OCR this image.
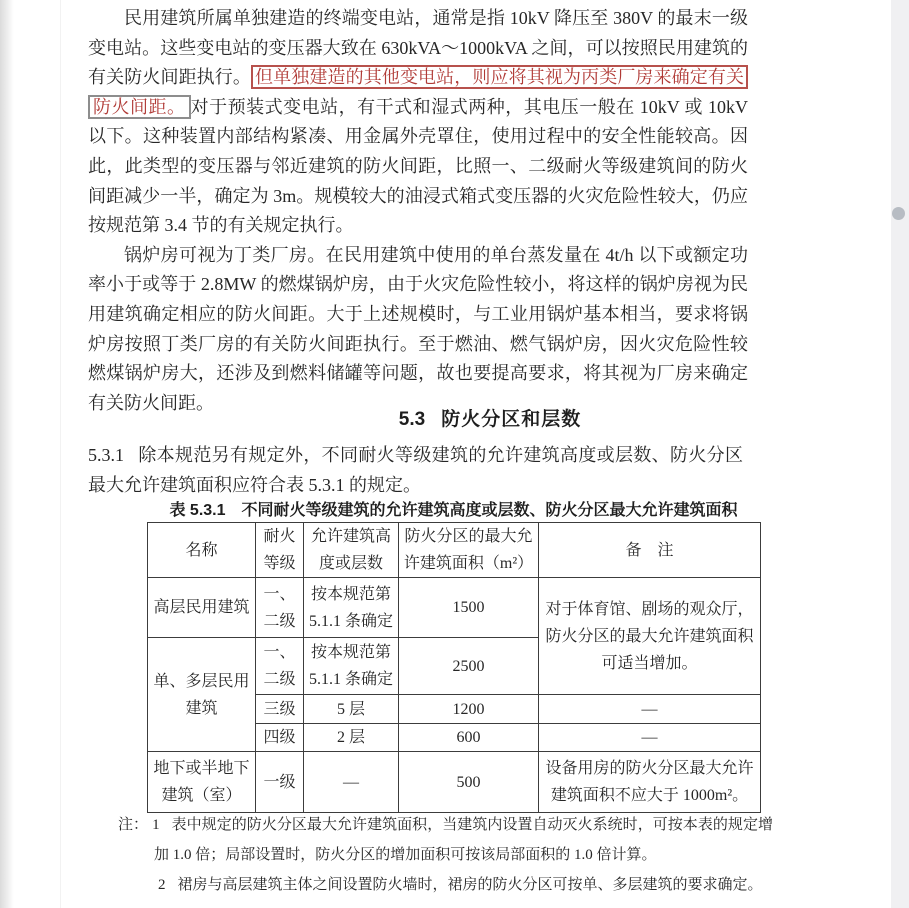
民用建筑所属单独建造的终端变电站，通常是指 10kV 降压至 380V 的最末一级变电站。这些变电站的变压器大致在 630kVA～1000kVA 之间，可以按照民用建筑的有关防火间距执行。 但单独建造的其他变电站，则应将其视为丙类厂房来确定有关防火间距。 对于预装式变电站，有干式和湿式两种，其电压一般在 10kV 或 10kV 以下。这种装置内部结构紧凑、用金属外壳罩住，使用过程中的安全性能较高。因此，此类型的变压器与邻近建筑的防火间距，比照一、二级耐火等级建筑间的防火间距减少一半，确定为 3m。规模较大的油浸式箱式变压器的火灾危险性较大，仍应按规范第 3.4 节的有关规定执行。

锅炉房可视为丁类厂房。在民用建筑中使用的单台蒸发量在 4t/h 以下或额定功率小于或等于 2.8MW 的燃煤锅炉房，由于火灾危险性较小，将这样的锅炉房视为民用建筑确定相应的防火间距。大于上述规模时，与工业用锅炉基本相当，要求将锅炉房按照丁类厂房的有关防火间距执行。至于燃油、燃气锅炉房，因火灾危险性较燃煤锅炉房大，还涉及到燃料储罐等问题，故也要提高要求，将其视为厂房来确定有关防火间距。

5.3 防火分区和层数
5.3.1 除本规范另有规定外，不同耐火等级建筑的允许建筑高度或层数、防火分区最大允许建筑面积应符合表 5.3.1 的规定。
表 5.3.1　不同耐火等级建筑的允许建筑高度或层数、防火分区最大允许建筑面积
名称	耐火等级	允许建筑高度或层数	防火分区的最大允许建筑面积（m²）	备　注
高层民用建筑	一、二级	按本规范第 5.1.1 条确定	1500	对于体育馆、剧场的观众厅，防火分区的最大允许建筑面积可适当增加。
单、多层民用建筑	一、二级	按本规范第 5.1.1 条确定	2500	
	三级	5 层	1200	—
	四级	2 层	600	—
地下或半地下建筑（室）	一级	—	500	设备用房的防火分区最大允许建筑面积不应大于 1000m²。

注： 1 表中规定的防火分区最大允许建筑面积，当建筑内设置自动灭火系统时，可按本表的规定增加 1.0 倍；局部设置时，防火分区的增加面积可按该局部面积的 1.0 倍计算。

2 裙房与高层建筑主体之间设置防火墙时，裙房的防火分区可按单、多层建筑的要求确定。
